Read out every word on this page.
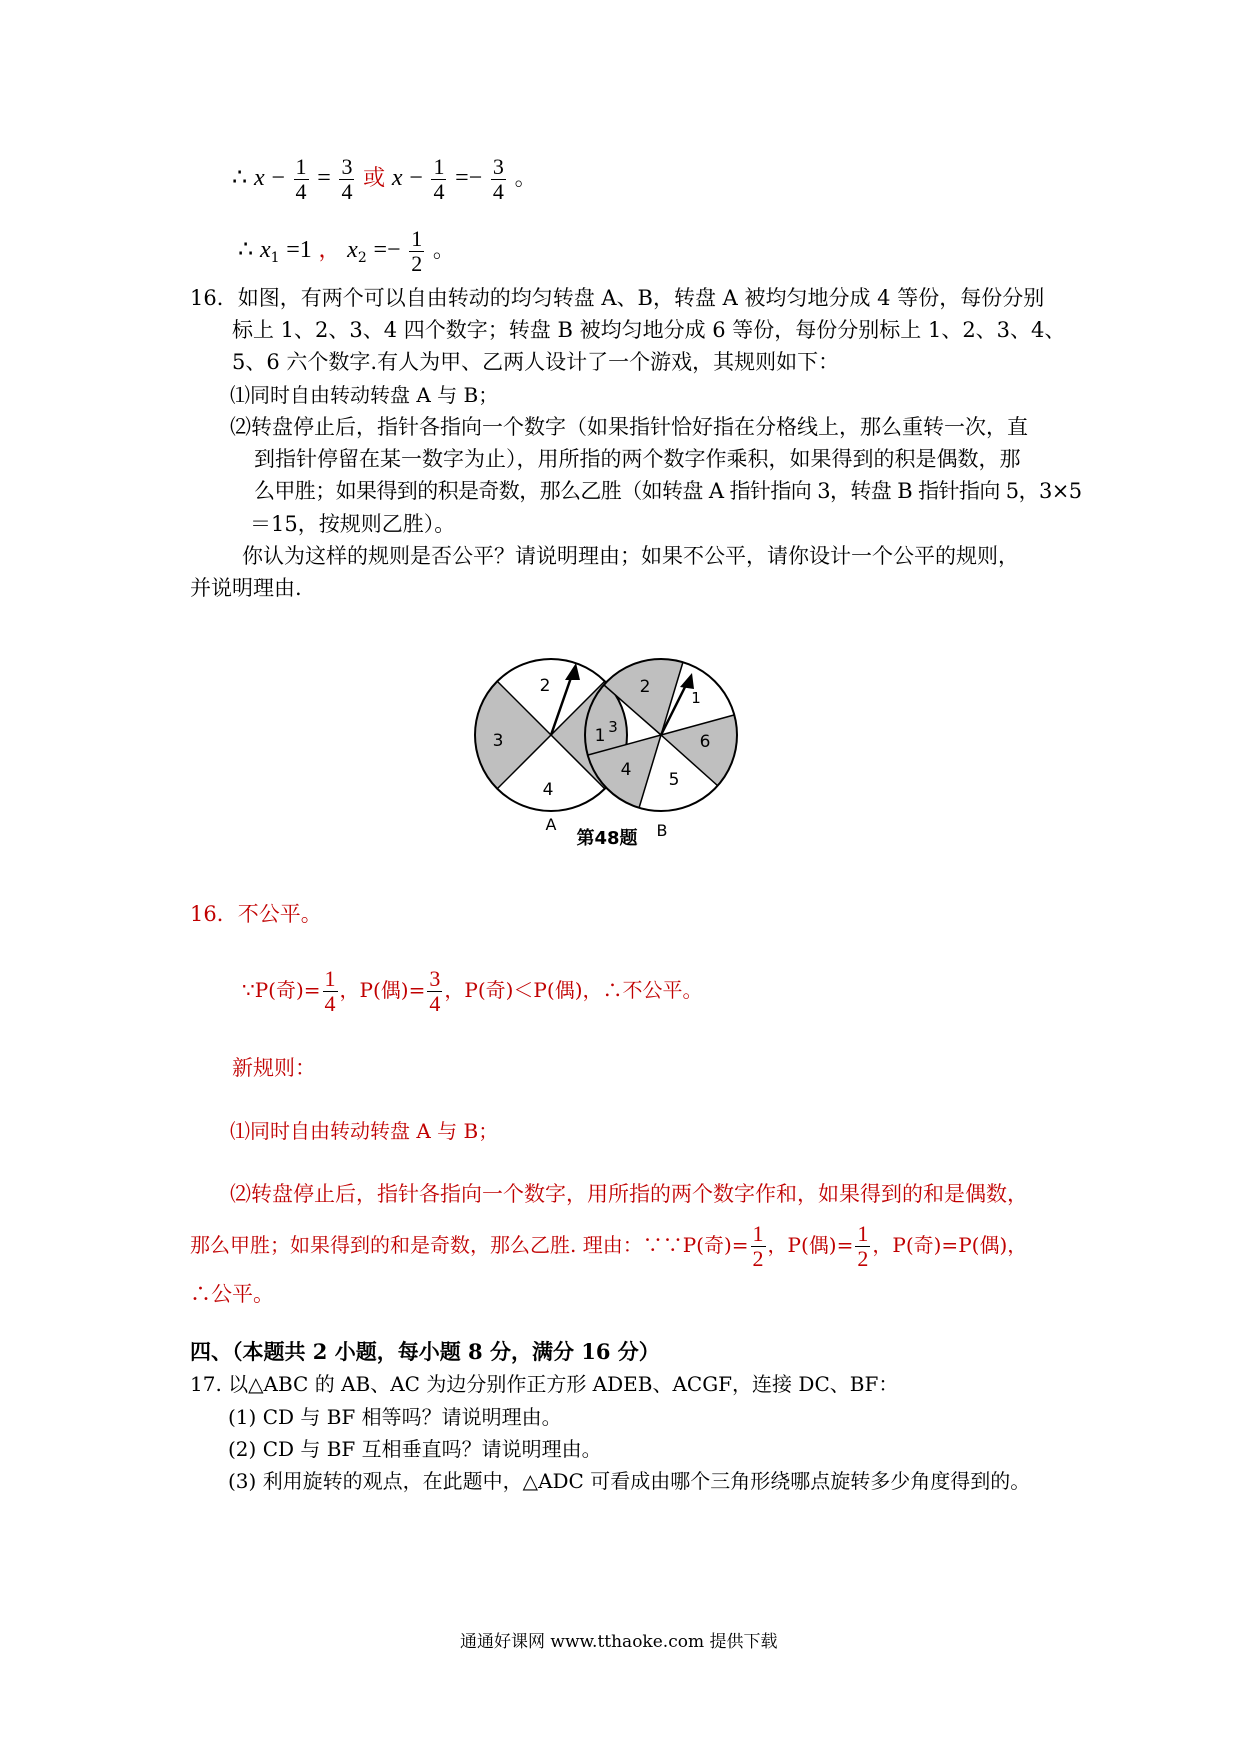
∴ $x - \frac{1}{4} = \frac{3}{4}$ 或 $x - \frac{1}{4} =- \frac{3}{4}$ 。
∴ $x_1 =1$ ， $x_2 =- \frac{1}{2}$ 。
16．如图，有两个可以自由转动的均匀转盘 A、B，转盘 A 被均匀地分成 4 等份，每份分别
标上 1、2、3、4 四个数字；转盘 B 被均匀地分成 6 等份，每份分别标上 1、2、3、4、
5、6 六个数字.有人为甲、乙两人设计了一个游戏，其规则如下：
⑴同时自由转动转盘 A 与 B；
⑵转盘停止后，指针各指向一个数字（如果指针恰好指在分格线上，那么重转一次，直
到指针停留在某一数字为止），用所指的两个数字作乘积，如果得到的积是偶数，那
么甲胜；如果得到的积是奇数，那么乙胜（如转盘 A 指针指向 3，转盘 B 指针指向 5，3×5
＝15，按规则乙胜）。
你认为这样的规则是否公平？请说明理由；如果不公平，请你设计一个公平的规则，
并说明理由.
2
1
3
4
A
2
1
3
6
4 5
B
第48题
16．不公平。
∵P(奇)= $\frac{1}{4}$ ，P(偶)= $\frac{3}{4}$ ，P(奇)＜P(偶)，∴不公平。
新规则：
⑴同时自由转动转盘 A 与 B；
⑵转盘停止后，指针各指向一个数字，用所指的两个数字作和，如果得到的和是偶数，
那么甲胜；如果得到的和是奇数，那么乙胜. 理由：∵∵P(奇)= $\frac{1}{2}$ ，P(偶)= $\frac{1}{2}$ ，P(奇)=P(偶)，
∴公平。
四、（本题共 2 小题，每小题 8 分，满分 16 分）
17. 以△ABC 的 AB、AC 为边分别作正方形 ADEB、ACGF，连接 DC、BF：
(1) CD 与 BF 相等吗？请说明理由。
(2) CD 与 BF 互相垂直吗？请说明理由。
(3) 利用旋转的观点，在此题中，△ADC 可看成由哪个三角形绕哪点旋转多少角度得到的。
通通好课网 www.tthaoke.com 提供下载
